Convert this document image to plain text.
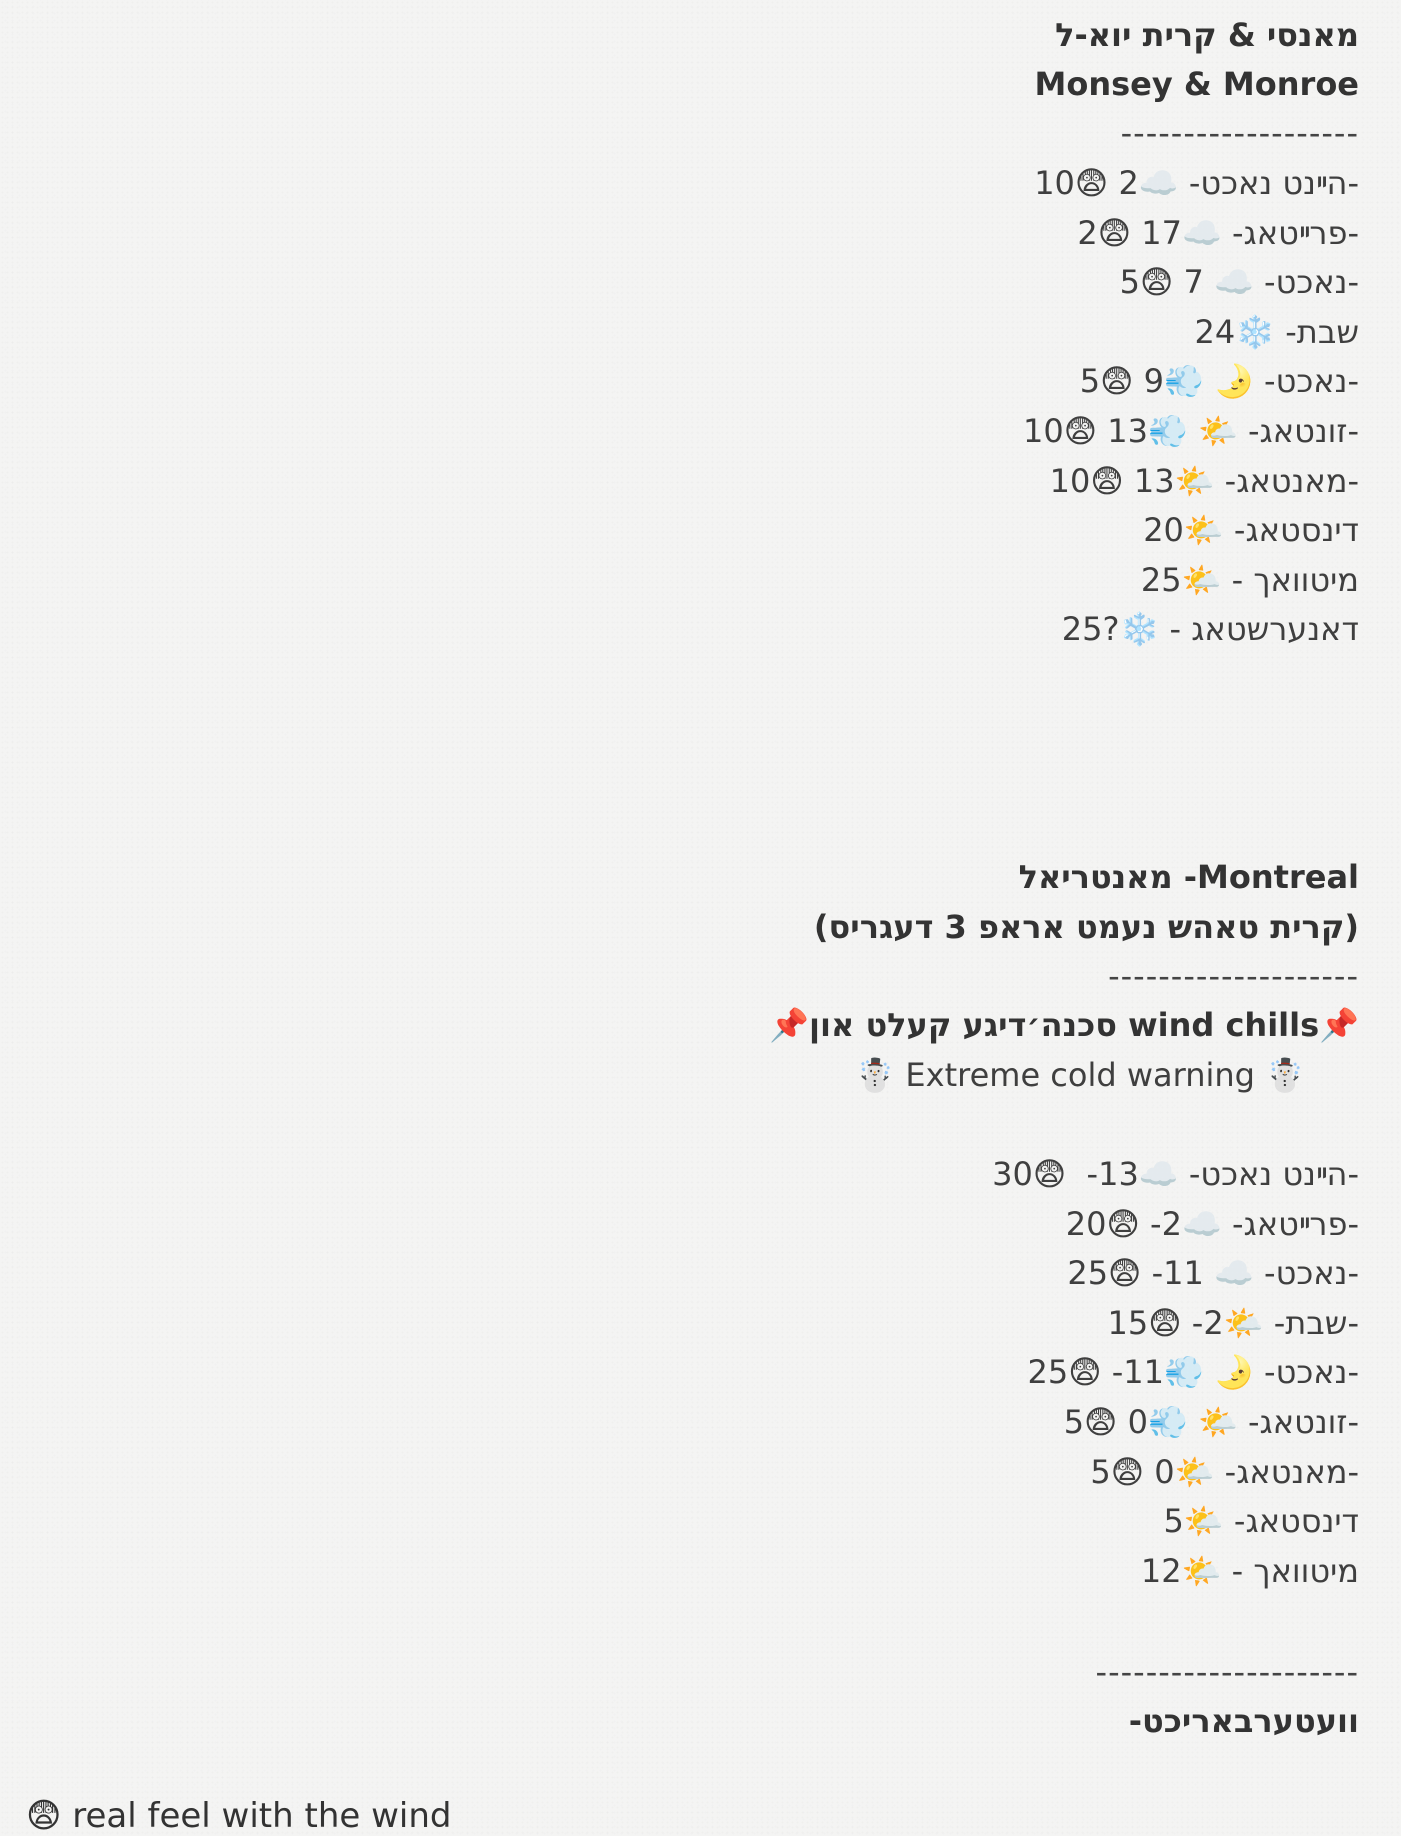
מאנסי & קרית יוא-ל
Monsey & Monroe
-------------------
הײנט נאכט- ☁️2 😨10-
פרײטאג- ☁️17 😨2-
נאכט- ☁️ 7 😨5-
שבת- ❄️24
נאכט- 🌛 💨9 😨5-
זונטאג- 🌤️ 💨13 😨10-
מאנטאג- 🌤️13 😨10-
דינסטאג- 🌤️20
מיטוואך - 🌤️25
דאנערשטאג - ❄️?25
מאנטריאל -Montreal
(קרית טאהש נעמט אראפ 3 דעגריס)
--------------------
📌סכנה׳דיגע קעלט און wind chills📌
☃️ Extreme cold warning ☃️
הײנט נאכט- ☁️13-  😨30-
פרײטאג- ☁️2- 😨20-
נאכט- ☁️ 11- 😨25-
שבת- 🌤️2- 😨15-
נאכט- 🌛 💨11- 😨25-
זונטאג- 🌤️ 💨0 😨5-
מאנטאג- 🌤️0 😨5-
דינסטאג- 🌤️5
מיטוואך - 🌤️12
---------------------
-וועטערבאריכט
😨 real feel with the wind
